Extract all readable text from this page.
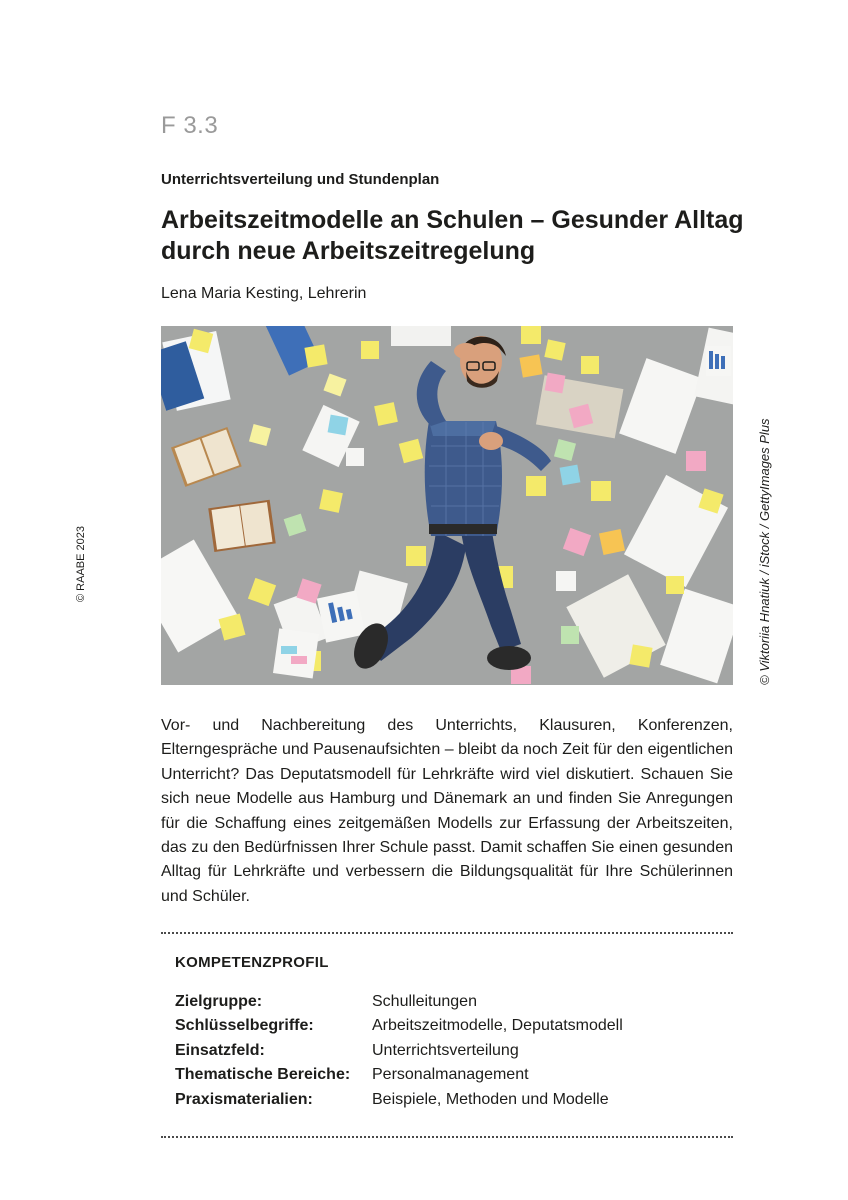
F 3.3
Unterrichtsverteilung und Stundenplan
Arbeitszeitmodelle an Schulen – Gesunder Alltag
durch neue Arbeitszeitregelung
Lena Maria Kesting, Lehrerin
© RAABE 2023	© Viktoriia Hnatiuk / iStock / GettyImages Plus

Vor- und Nachbereitung des Unterrichts, Klausuren, Konferenzen, Elterngespräche und Pausenaufsichten – bleibt da noch Zeit für den eigentlichen Unterricht? Das Deputatsmodell für Lehrkräfte wird viel diskutiert. Schauen Sie sich neue Modelle aus Hamburg und Dänemark an und finden Sie Anregungen für die Schaffung eines zeitgemäßen Modells zur Erfassung der Arbeitszeiten, das zu den Bedürfnissen Ihrer Schule passt. Damit schaffen Sie einen gesunden Alltag für Lehrkräfte und verbessern die Bildungsqualität für Ihre Schülerinnen und Schüler.

KOMPETENZPROFIL
Zielgruppe:	Schulleitungen
Schlüsselbegriffe:	Arbeitszeitmodelle, Deputatsmodell
Einsatzfeld:	Unterrichtsverteilung
Thematische Bereiche:	Personalmanagement
Praxismaterialien:	Beispiele, Methoden und Modelle
